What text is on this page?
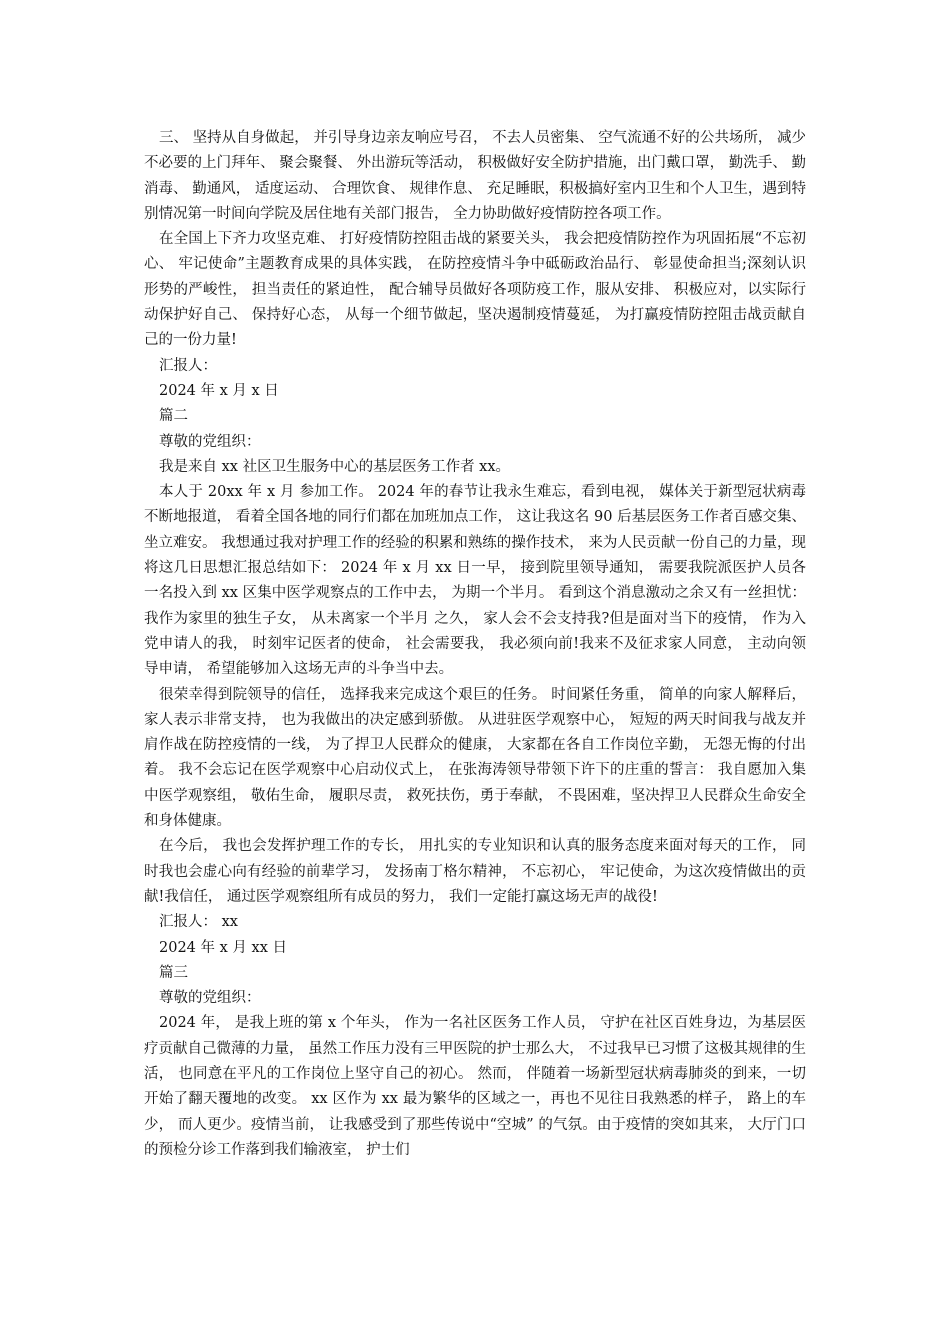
三、 坚持从自身做起， 并引导身边亲友响应号召， 不去人员密集、 空气流通不好的公共场所， 减少不必要的上门拜年、 聚会聚餐、 外出游玩等活动， 积极做好安全防护措施，出门戴口罩， 勤洗手、 勤消毒、 勤通风， 适度运动、 合理饮食、 规律作息、 充足睡眠，积极搞好室内卫生和个人卫生，遇到特别情况第一时间向学院及居住地有关部门报告， 全力协助做好疫情防控各项工作。

在全国上下齐力攻坚克难、 打好疫情防控阻击战的紧要关头， 我会把疫情防控作为巩固拓展“不忘初心、 牢记使命”主题教育成果的具体实践， 在防控疫情斗争中砥砺政治品行、 彰显使命担当;深刻认识形势的严峻性， 担当责任的紧迫性， 配合辅导员做好各项防疫工作，服从安排、 积极应对，以实际行动保护好自己、 保持好心态， 从每一个细节做起，坚决遏制疫情蔓延， 为打赢疫情防控阻击战贡献自己的一份力量!

汇报人：

2024 年 x 月 x 日

篇二

尊敬的党组织：

我是来自 xx 社区卫生服务中心的基层医务工作者 xx。

本人于 20xx 年 x 月 参加工作。 2024 年的春节让我永生难忘，看到电视， 媒体关于新型冠状病毒不断地报道， 看着全国各地的同行们都在加班加点工作， 这让我这名 90 后基层医务工作者百感交集、 坐立难安。 我想通过我对护理工作的经验的积累和熟练的操作技术， 来为人民贡献一份自己的力量，现将这几日思想汇报总结如下： 2024 年 x 月 xx 日一早， 接到院里领导通知， 需要我院派医护人员各一名投入到 xx 区集中医学观察点的工作中去， 为期一个半月。 看到这个消息激动之余又有一丝担忧： 我作为家里的独生子女， 从未离家一个半月 之久， 家人会不会支持我?但是面对当下的疫情， 作为入党申请人的我， 时刻牢记医者的使命， 社会需要我， 我必须向前!我来不及征求家人同意， 主动向领导申请， 希望能够加入这场无声的斗争当中去。

很荣幸得到院领导的信任， 选择我来完成这个艰巨的任务。 时间紧任务重， 简单的向家人解释后， 家人表示非常支持， 也为我做出的决定感到骄傲。 从进驻医学观察中心， 短短的两天时间我与战友并肩作战在防控疫情的一线， 为了捍卫人民群众的健康， 大家都在各自工作岗位辛勤， 无怨无悔的付出着。 我不会忘记在医学观察中心启动仪式上， 在张海涛领导带领下许下的庄重的誓言： 我自愿加入集中医学观察组， 敬佑生命， 履职尽责， 救死扶伤，勇于奉献， 不畏困难，坚决捍卫人民群众生命安全和身体健康。

在今后， 我也会发挥护理工作的专长， 用扎实的专业知识和认真的服务态度来面对每天的工作， 同时我也会虚心向有经验的前辈学习， 发扬南丁格尔精神， 不忘初心， 牢记使命，为这次疫情做出的贡献!我信任， 通过医学观察组所有成员的努力， 我们一定能打赢这场无声的战役!

汇报人： xx

2024 年 x 月 xx 日

篇三

尊敬的党组织：

2024 年， 是我上班的第 x 个年头， 作为一名社区医务工作人员， 守护在社区百姓身边，为基层医疗贡献自己微薄的力量， 虽然工作压力没有三甲医院的护士那么大， 不过我早已习惯了这极其规律的生活， 也同意在平凡的工作岗位上坚守自己的初心。 然而， 伴随着一场新型冠状病毒肺炎的到来，一切开始了翻天覆地的改变。 xx 区作为 xx 最为繁华的区域之一，再也不见往日我熟悉的样子， 路上的车少， 而人更少。疫情当前， 让我感受到了那些传说中“空城” 的气氛。由于疫情的突如其来， 大厅门口的预检分诊工作落到我们输液室， 护士们
